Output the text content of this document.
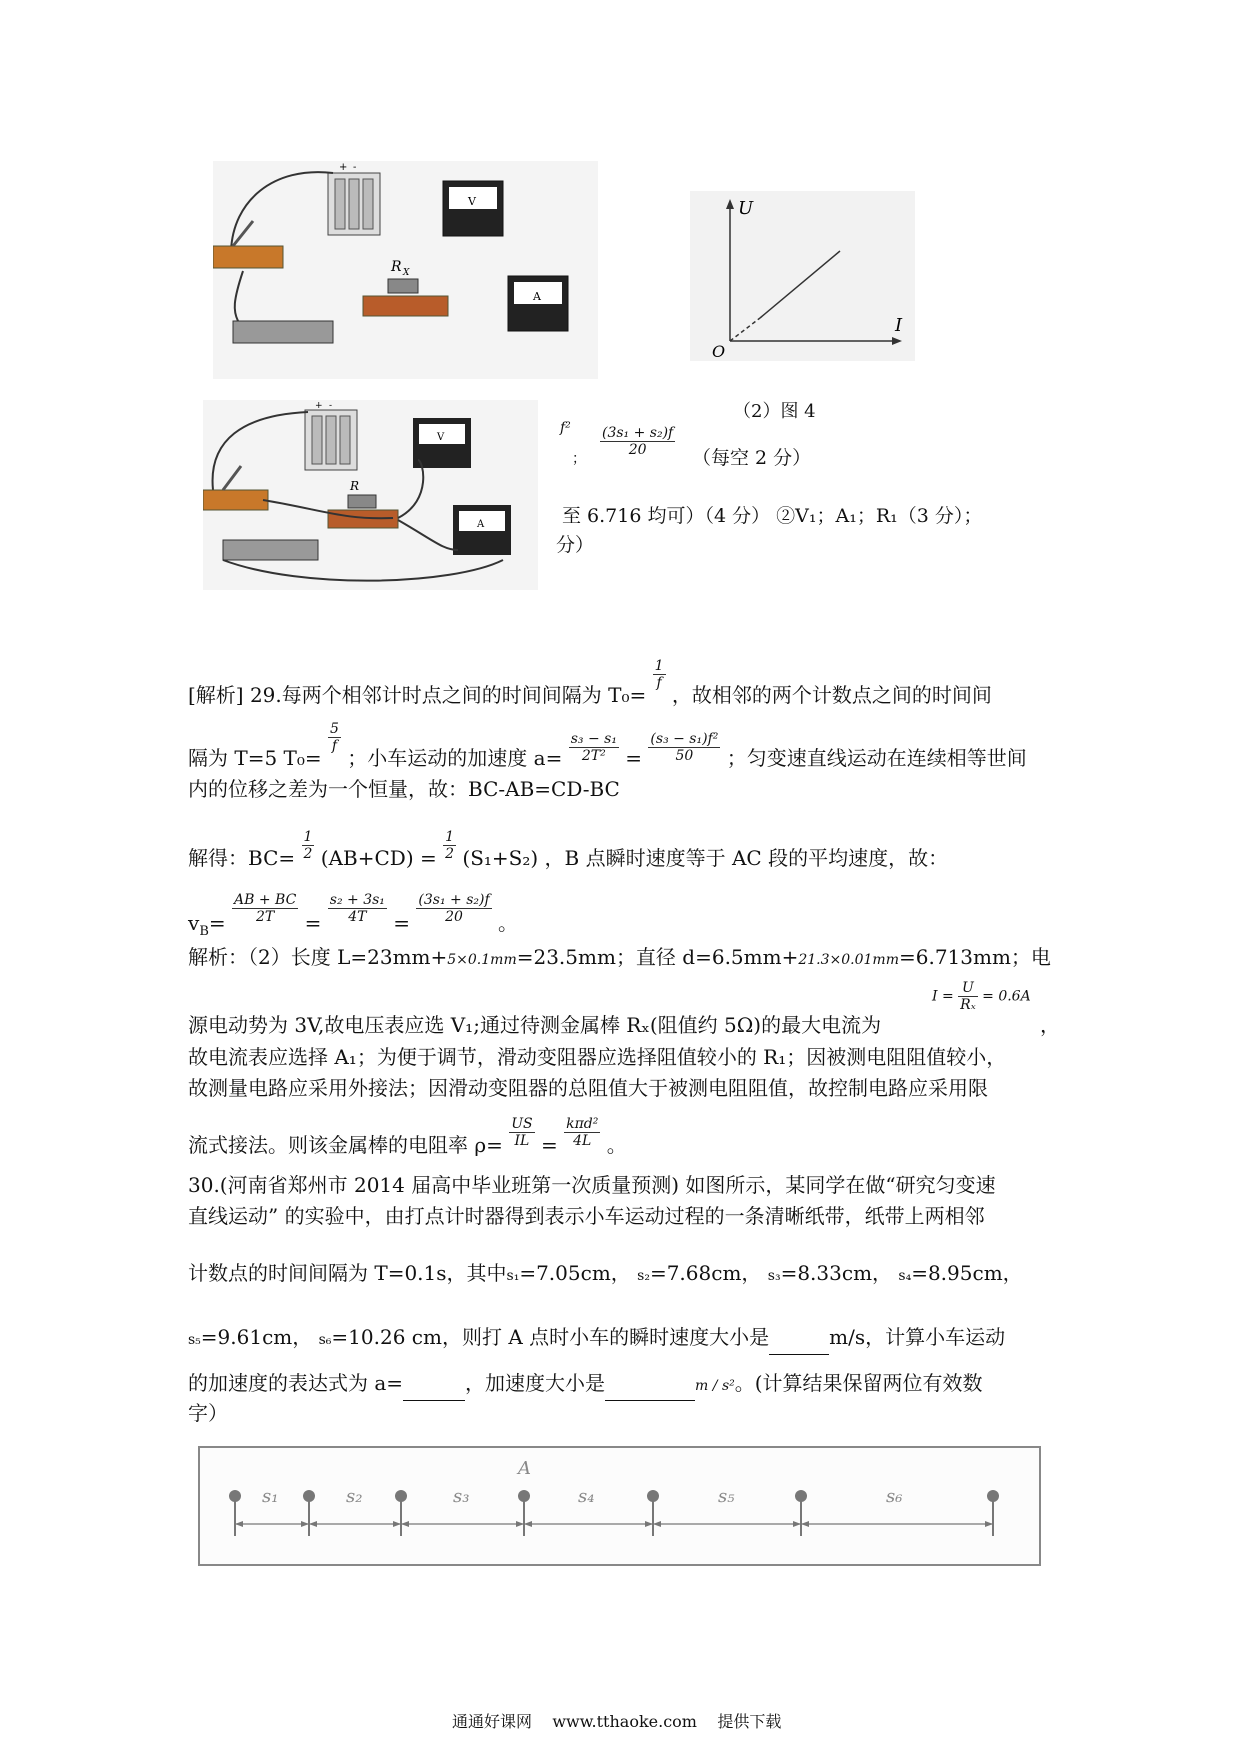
+ -
R X
V
A
U
I
O
（2）图 4
+ -
R
V
A
f²
；
$\frac{\text{(3s₁ + s₂)f}}{20}$ （每空 2 分）
至 6.716 均可）（4 分） ②V₁；A₁；R₁（3 分）；
分）
[解析] 29.每两个相邻计时点之间的时间间隔为 T₀=
$\frac{1}{f}$
，故相邻的两个计数点之间的时间间
隔为 T=5 T₀=
$\frac{5}{f}$
；小车运动的加速度 $a= \frac{\text{s₃ − s₁}}{\text{2T²}} = \frac{\text{(s₃ − s₁)f²}}{50}$ ；匀变速直线运动在连续相等世间
内的位移之差为一个恒量，故：BC-AB=CD-BC
解得：$BC= \frac{1}{2} (AB+CD) = \frac{1}{2} (S_1+S_2)$ ，B 点瞬时速度等于 AC 段的平均速度，故：
$v_B= \frac{AB + BC}{2T} = \frac{\text{s₂ + 3s₁}}{4T} = \frac{\text{(3s₁ + s₂)f}}{20}$ 。
解析：（2）长度 L=23mm+5×0.1mm=23.5mm；直径 d=6.5mm+21.3×0.01mm=6.713mm；电
源电动势为 3V,故电压表应选 V₁;通过待测金属棒 Rₓ(阻值约 5Ω)的最大电流为
$I = \frac{U}{\text{Rₓ}} = 0.6A$
，
故电流表应选择 A₁；为便于调节，滑动变阻器应选择阻值较小的 R₁；因被测电阻阻值较小，
故测量电路应采用外接法；因滑动变阻器的总阻值大于被测电阻阻值，故控制电路应采用限
流式接法。则该金属棒的电阻率 $\rho= \frac{US}{IL} = \frac{\text{kπd²}}{4L}$ 。
30.(河南省郑州市 2014 届高中毕业班第一次质量预测) 如图所示，某同学在做“研究匀变速
直线运动” 的实验中，由打点计时器得到表示小车运动过程的一条清晰纸带，纸带上两相邻
计数点的时间间隔为 T=0.1s，其中s₁=7.05cm， s₂=7.68cm， s₃=8.33cm， s₄=8.95cm，
s₅=9.61cm， s₆=10.26 cm，则打 A 点时小车的瞬时速度大小是	m/s，计算小车运动
的加速度的表达式为 a=	，加速度大小是	m / s²。(计算结果保留两位有效数
字）
A
s₁	s₂	s₃	s₄	s₅	s₆
通通好课网    www.tthaoke.com    提供下载
